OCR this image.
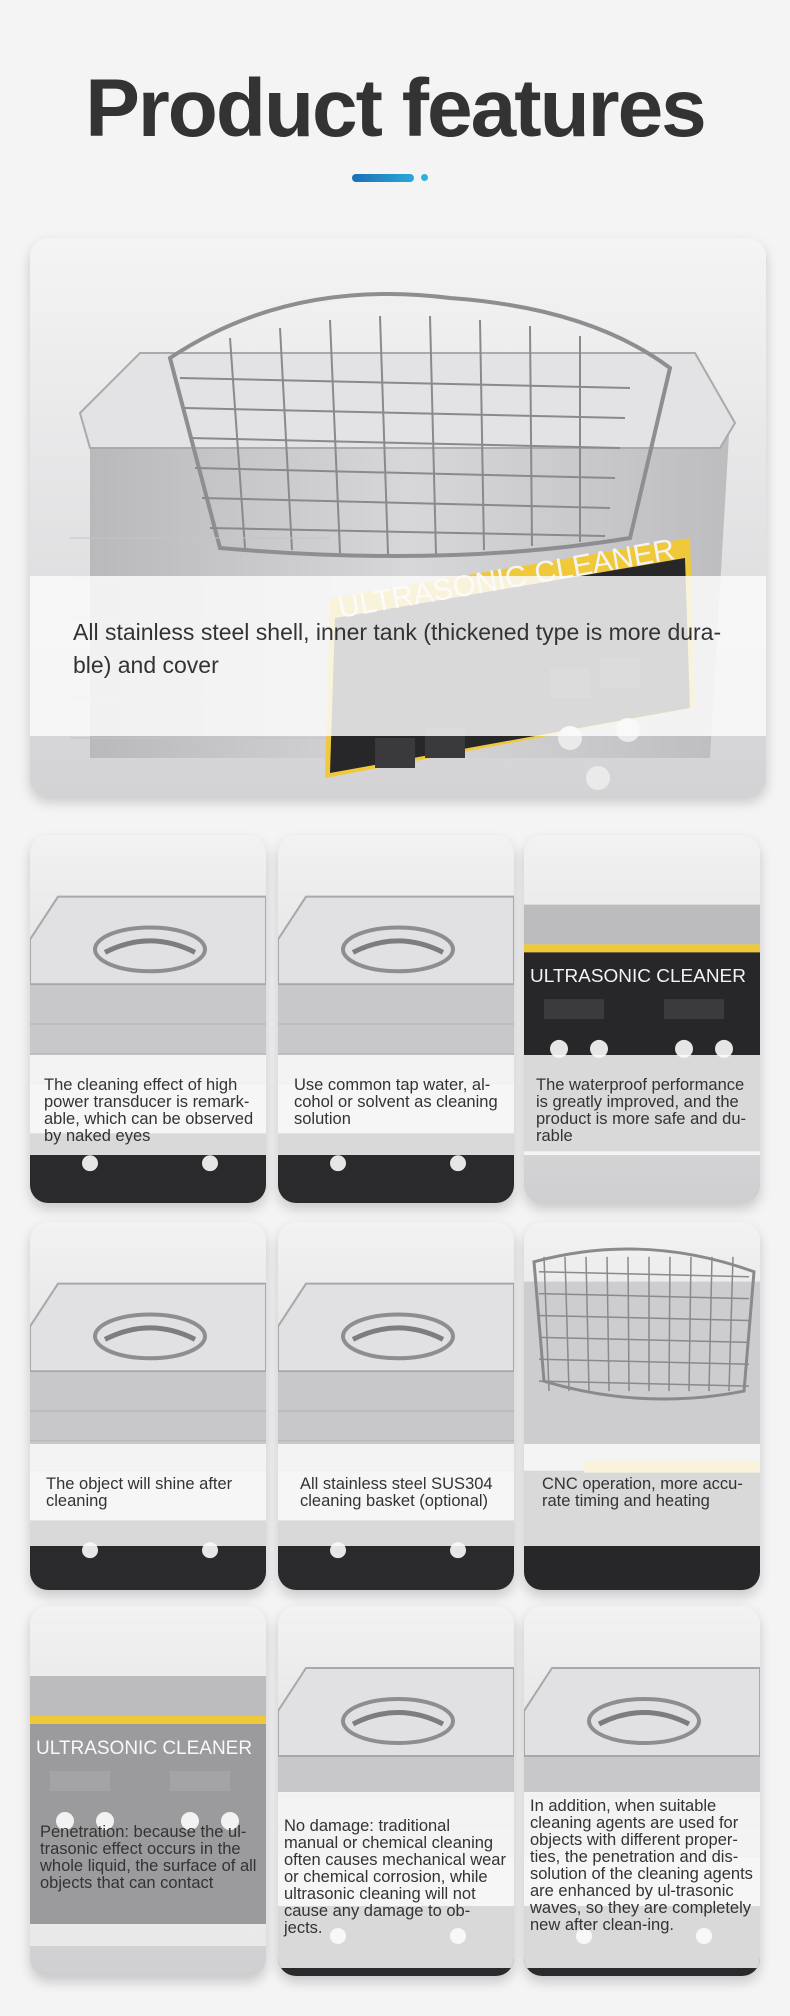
Product features
All stainless steel shell, inner tank (thickened type is more dura-ble) and cover
The cleaning effect of high power transducer is remark-able, which can be observed by naked eyes
Use common tap water, al-cohol or solvent as cleaning solution
ULTRASONIC CLEANER
The waterproof performance is greatly improved, and the product is more safe and du-rable
The object will shine after cleaning
All stainless steel SUS304 cleaning basket (optional)
CNC operation, more accu-rate timing and heating
Penetration: because the ul-trasonic effect occurs in the whole liquid, the surface of all objects that can contact
No damage: traditional manual or chemical cleaning often causes mechanical wear or chemical corrosion, while ultrasonic cleaning will not cause any damage to ob-jects.
In addition, when suitable cleaning agents are used for objects with different proper-ties, the penetration and dis-solution of the cleaning agents are enhanced by ul-trasonic waves, so they are completely new after clean-ing.
